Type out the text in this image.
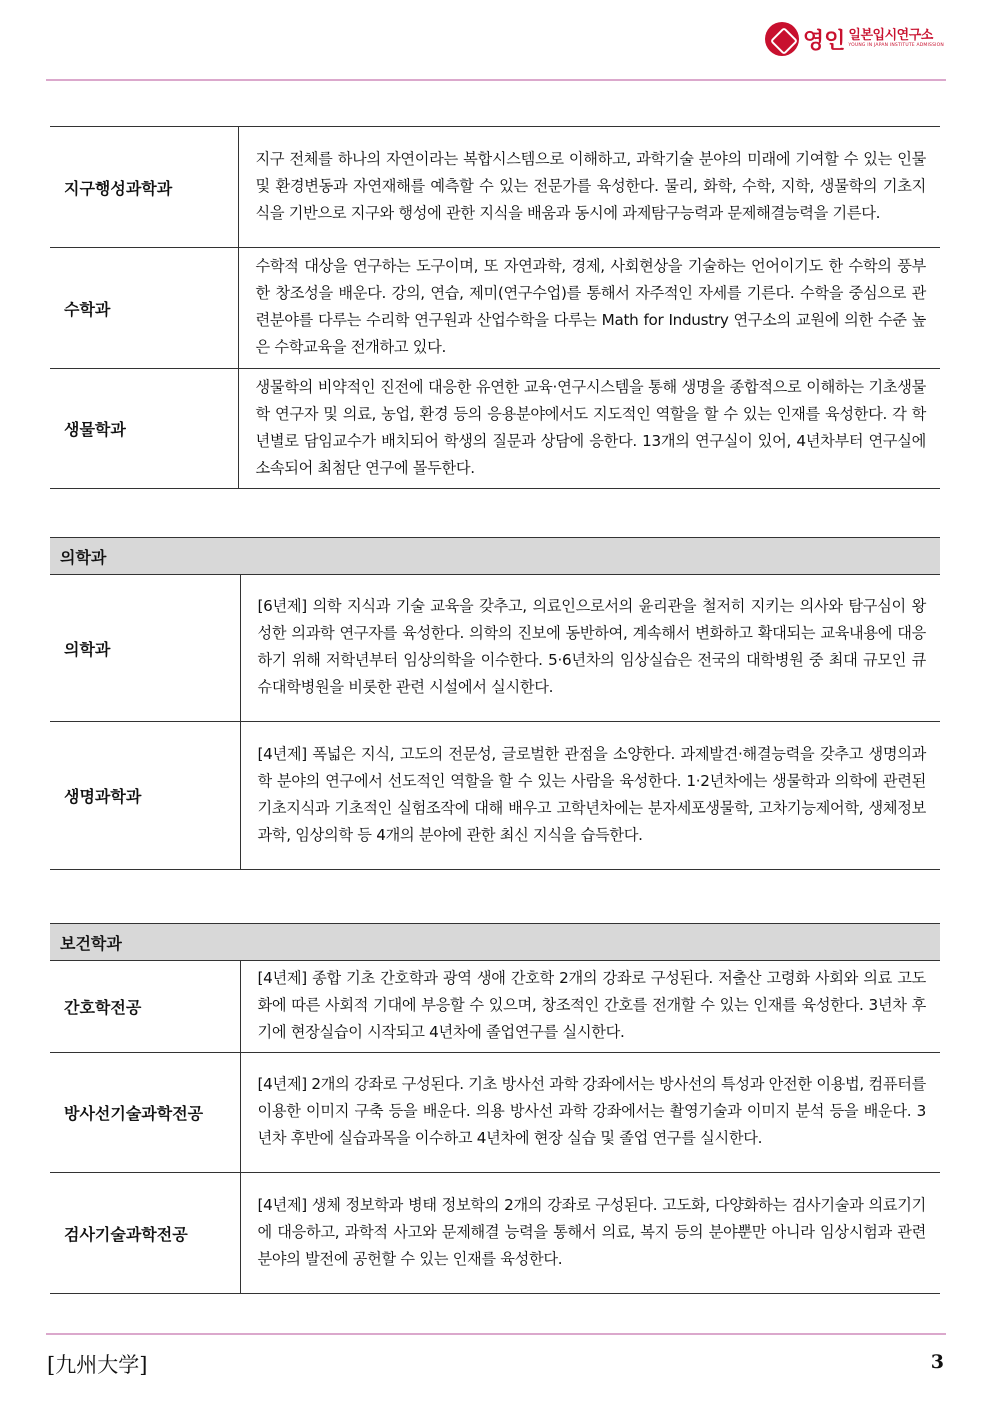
영인 일본입시연구소
YOUNG IN JAPAN INSTITUTE ADMISSION
지구행성과학과	지구 전체를 하나의 자연이라는 복합시스템으로 이해하고, 과학기술 분야의 미래에 기여할 수 있는 인물 및 환경변동과 자연재해를 예측할 수 있는 전문가를 육성한다. 물리, 화학, 수학, 지학, 생물학의 기초지식을 기반으로 지구와 행성에 관한 지식을 배움과 동시에 과제탐구능력과 문제해결능력을 기른다.
수학과	수학적 대상을 연구하는 도구이며, 또 자연과학, 경제, 사회현상을 기술하는 언어이기도 한 수학의 풍부한 창조성을 배운다. 강의, 연습, 제미(연구수업)를 통해서 자주적인 자세를 기른다. 수학을 중심으로 관련분야를 다루는 수리학 연구원과 산업수학을 다루는 Math for Industry 연구소의 교원에 의한 수준 높은 수학교육을 전개하고 있다.
생물학과	생물학의 비약적인 진전에 대응한 유연한 교육·연구시스템을 통해 생명을 종합적으로 이해하는 기초생물학 연구자 및 의료, 농업, 환경 등의 응용분야에서도 지도적인 역할을 할 수 있는 인재를 육성한다. 각 학년별로 담임교수가 배치되어 학생의 질문과 상담에 응한다. 13개의 연구실이 있어, 4년차부터 연구실에 소속되어 최첨단 연구에 몰두한다.
의학과	
의학과	[6년제] 의학 지식과 기술 교육을 갖추고, 의료인으로서의 윤리관을 철저히 지키는 의사와 탐구심이 왕성한 의과학 연구자를 육성한다. 의학의 진보에 동반하여, 계속해서 변화하고 확대되는 교육내용에 대응하기 위해 저학년부터 임상의학을 이수한다. 5·6년차의 임상실습은 전국의 대학병원 중 최대 규모인 큐슈대학병원을 비롯한 관련 시설에서 실시한다.
생명과학과	[4년제] 폭넓은 지식, 고도의 전문성, 글로벌한 관점을 소양한다. 과제발견·해결능력을 갖추고 생명의과학 분야의 연구에서 선도적인 역할을 할 수 있는 사람을 육성한다. 1·2년차에는 생물학과 의학에 관련된 기초지식과 기초적인 실험조작에 대해 배우고 고학년차에는 분자세포생물학, 고차기능제어학, 생체정보과학, 임상의학 등 4개의 분야에 관한 최신 지식을 습득한다.
보건학과	
간호학전공	[4년제] 종합 기초 간호학과 광역 생애 간호학 2개의 강좌로 구성된다. 저출산 고령화 사회와 의료 고도화에 따른 사회적 기대에 부응할 수 있으며, 창조적인 간호를 전개할 수 있는 인재를 육성한다. 3년차 후기에 현장실습이 시작되고 4년차에 졸업연구를 실시한다.
방사선기술과학전공	[4년제] 2개의 강좌로 구성된다. 기초 방사선 과학 강좌에서는 방사선의 특성과 안전한 이용법, 컴퓨터를 이용한 이미지 구축 등을 배운다. 의용 방사선 과학 강좌에서는 촬영기술과 이미지 분석 등을 배운다. 3년차 후반에 실습과목을 이수하고 4년차에 현장 실습 및 졸업 연구를 실시한다.
검사기술과학전공	[4년제] 생체 정보학과 병태 정보학의 2개의 강좌로 구성된다. 고도화, 다양화하는 검사기술과 의료기기에 대응하고, 과학적 사고와 문제해결 능력을 통해서 의료, 복지 등의 분야뿐만 아니라 임상시험과 관련 분야의 발전에 공헌할 수 있는 인재를 육성한다.
[九州大学]	3
